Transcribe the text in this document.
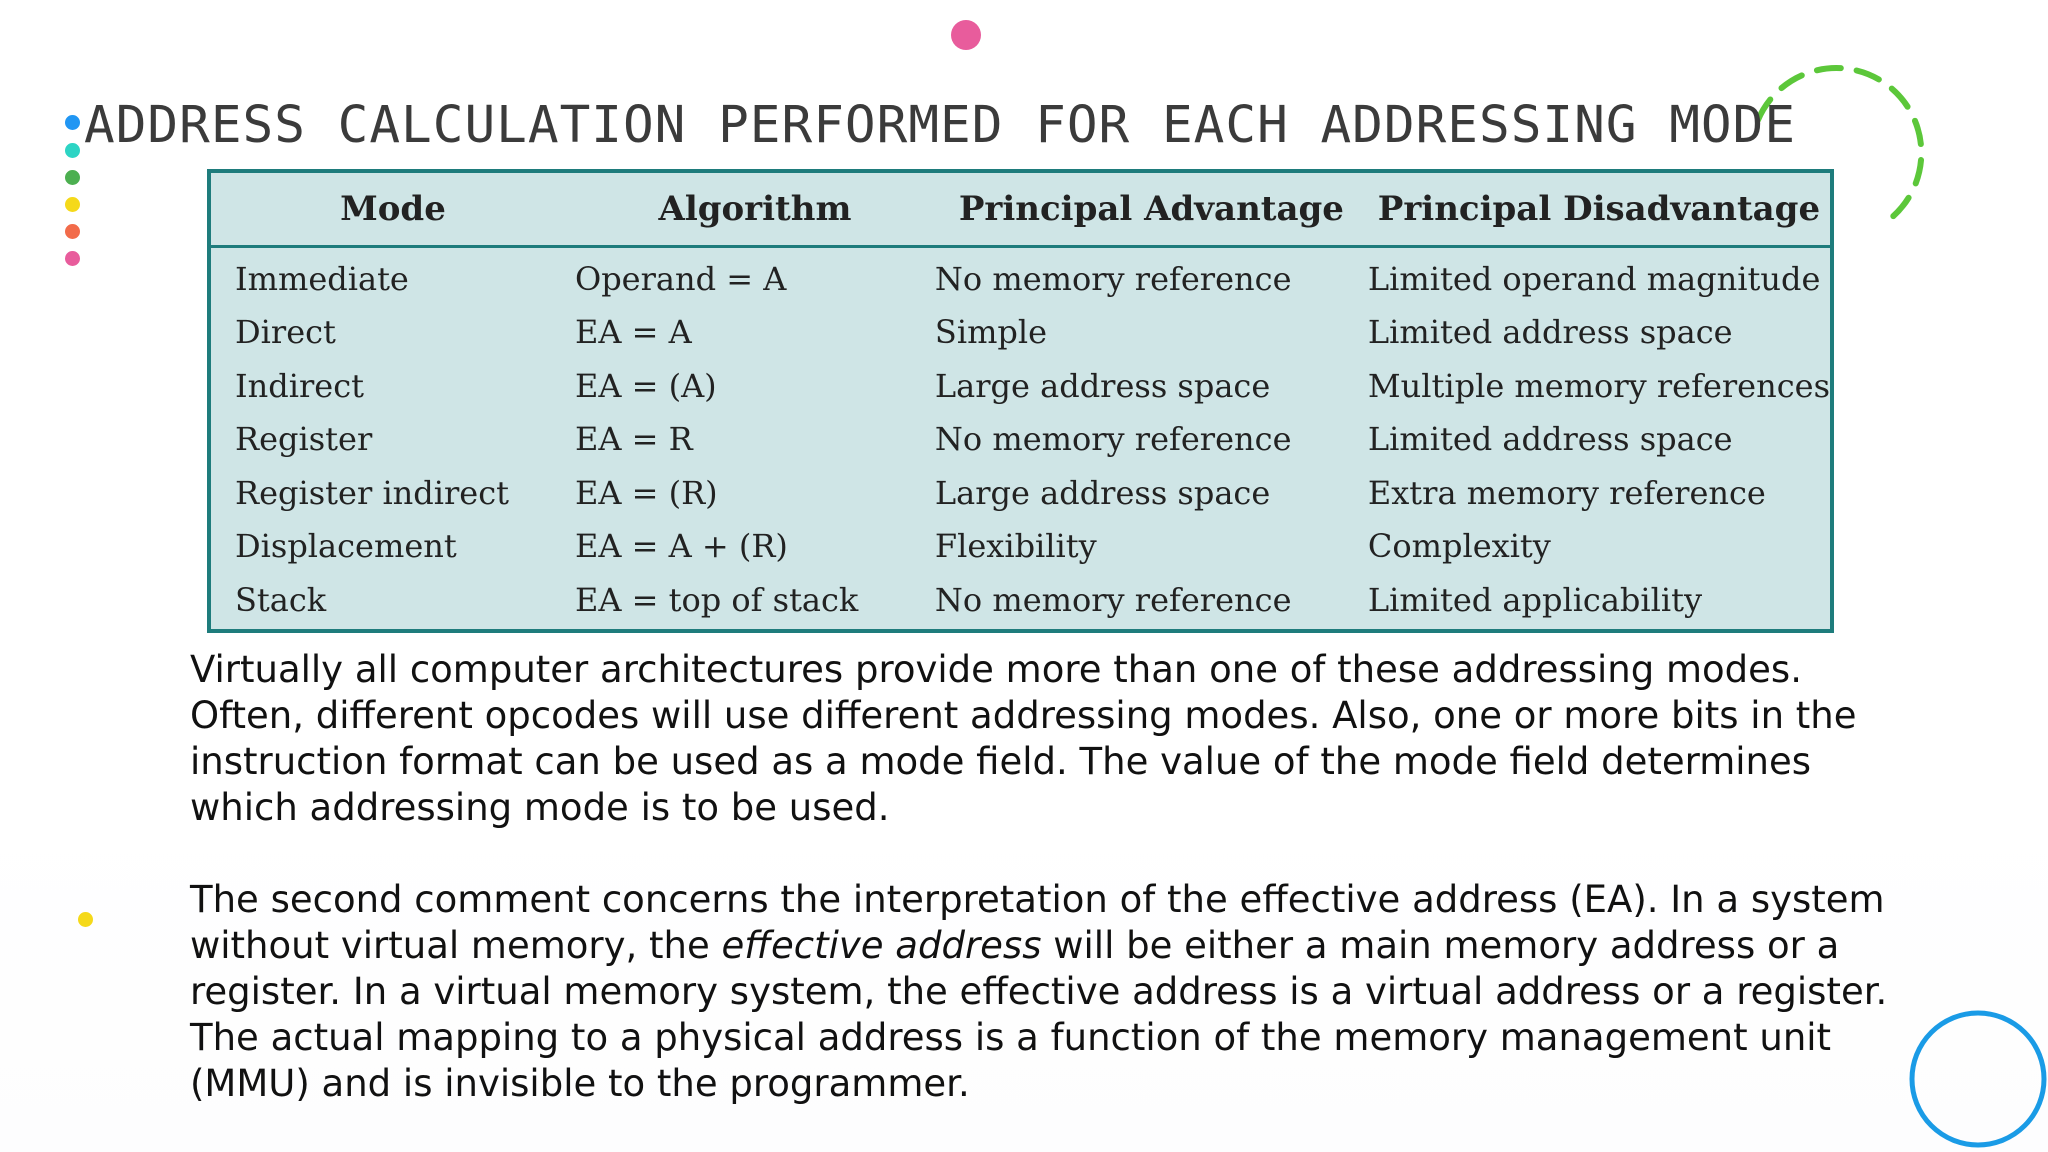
ADDRESS CALCULATION PERFORMED FOR EACH ADDRESSING MODE
Mode	Algorithm	Principal Advantage	Principal Disadvantage
Immediate	Operand = A	No memory reference	Limited operand magnitude
Direct	EA = A	Simple	Limited address space
Indirect	EA = (A)	Large address space	Multiple memory references
Register	EA = R	No memory reference	Limited address space
Register indirect	EA = (R)	Large address space	Extra memory reference
Displacement	EA = A + (R)	Flexibility	Complexity
Stack	EA = top of stack	No memory reference	Limited applicability

Virtually all computer architectures provide more than one of these addressing modes. Often, different opcodes will use different addressing modes. Also, one or more bits in the instruction format can be used as a mode field. The value of the mode field determines which addressing mode is to be used.

The second comment concerns the interpretation of the effective address (EA). In a system without virtual memory, the effective address will be either a main memory address or a register. In a virtual memory system, the effective address is a virtual address or a register. The actual mapping to a physical address is a function of the memory management unit (MMU) and is invisible to the programmer.
